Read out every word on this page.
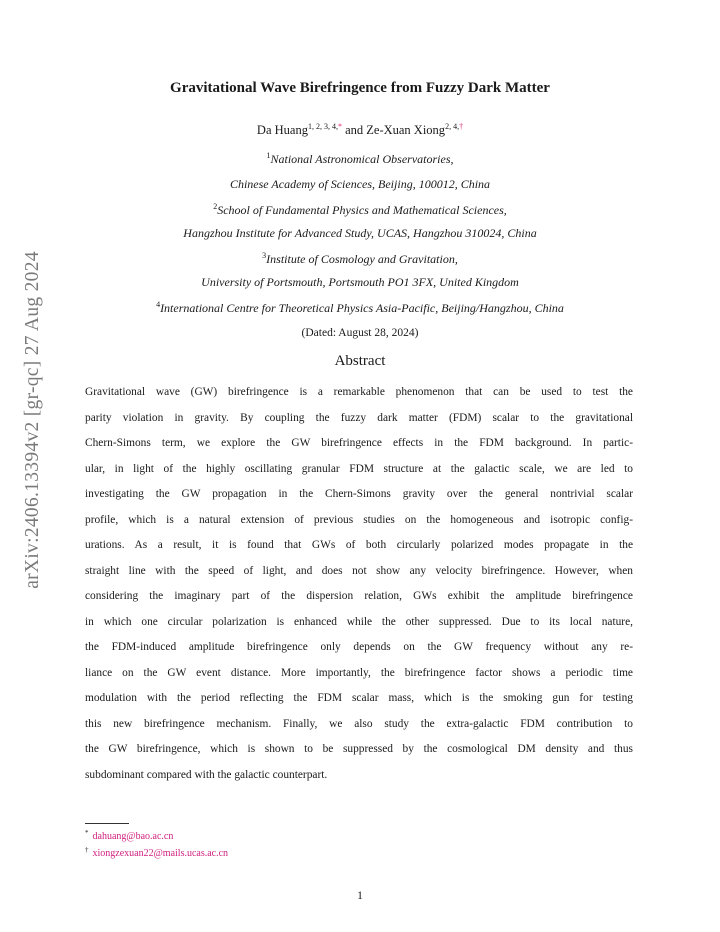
arXiv:2406.13394v2 [gr-qc] 27 Aug 2024
Gravitational Wave Birefringence from Fuzzy Dark Matter
Da Huang$^{1, 2, 3, 4,*}$ and Ze-Xuan Xiong$^{2, 4,\dagger}$
$^1$National Astronomical Observatories,
Chinese Academy of Sciences, Beijing, 100012, China
$^2$School of Fundamental Physics and Mathematical Sciences,
Hangzhou Institute for Advanced Study, UCAS, Hangzhou 310024, China
$^3$Institute of Cosmology and Gravitation,
University of Portsmouth, Portsmouth PO1 3FX, United Kingdom
$^4$International Centre for Theoretical Physics Asia-Pacific, Beijing/Hangzhou, China
(Dated: August 28, 2024)
Abstract
Gravitational wave (GW) birefringence is a remarkable phenomenon that can be used to test the
parity violation in gravity. By coupling the fuzzy dark matter (FDM) scalar to the gravitational
Chern-Simons term, we explore the GW birefringence effects in the FDM background. In partic-
ular, in light of the highly oscillating granular FDM structure at the galactic scale, we are led to
investigating the GW propagation in the Chern-Simons gravity over the general nontrivial scalar
profile, which is a natural extension of previous studies on the homogeneous and isotropic config-
urations. As a result, it is found that GWs of both circularly polarized modes propagate in the
straight line with the speed of light, and does not show any velocity birefringence. However, when
considering the imaginary part of the dispersion relation, GWs exhibit the amplitude birefringence
in which one circular polarization is enhanced while the other suppressed. Due to its local nature,
the FDM-induced amplitude birefringence only depends on the GW frequency without any re-
liance on the GW event distance. More importantly, the birefringence factor shows a periodic time
modulation with the period reflecting the FDM scalar mass, which is the smoking gun for testing
this new birefringence mechanism. Finally, we also study the extra-galactic FDM contribution to
the GW birefringence, which is shown to be suppressed by the cosmological DM density and thus
subdominant compared with the galactic counterpart.
* dahuang@bao.ac.cn
† xiongzexuan22@mails.ucas.ac.cn
1
